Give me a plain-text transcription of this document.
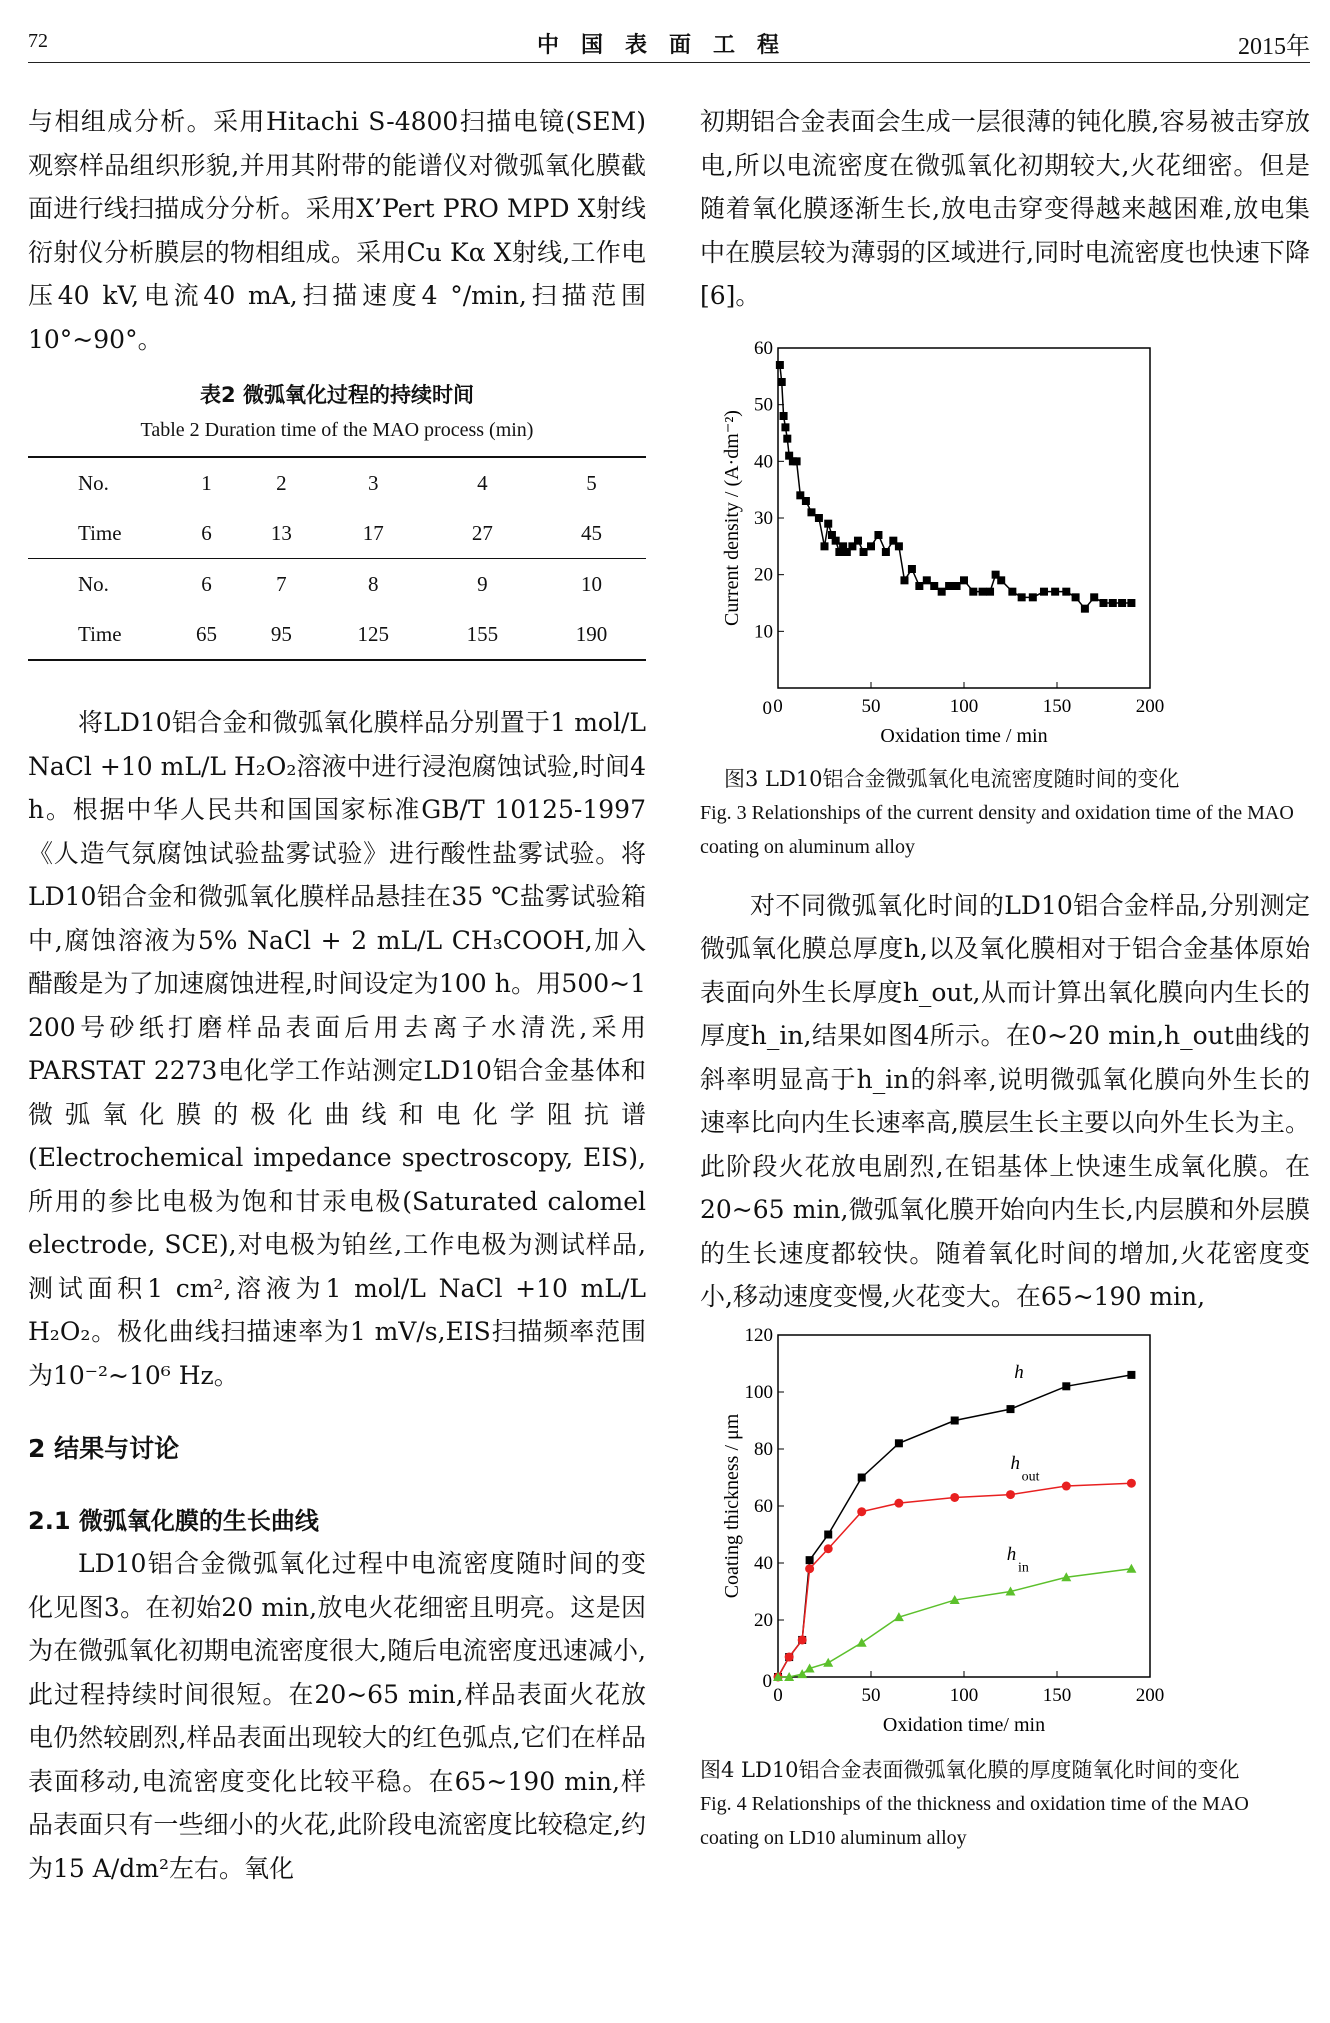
72	中国表面工程	2015年

与相组成分析。采用Hitachi S-4800扫描电镜(SEM)观察样品组织形貌,并用其附带的能谱仪对微弧氧化膜截面进行线扫描成分分析。采用X’Pert PRO MPD X射线衍射仪分析膜层的物相组成。采用Cu Kα X射线,工作电压40 kV,电流40 mA,扫描速度4 °/min,扫描范围10°~90°。

表2 微弧氧化过程的持续时间
Table 2 Duration time of the MAO process (min)
No.	1	2	3	4	5
Time	6	13	17	27	45
No.	6	7	8	9	10
Time	65	95	125	155	190

将LD10铝合金和微弧氧化膜样品分别置于1 mol/L NaCl +10 mL/L H₂O₂溶液中进行浸泡腐蚀试验,时间4 h。根据中华人民共和国国家标准GB/T 10125-1997《人造气氛腐蚀试验盐雾试验》进行酸性盐雾试验。将LD10铝合金和微弧氧化膜样品悬挂在35 ℃盐雾试验箱中,腐蚀溶液为5% NaCl + 2 mL/L CH₃COOH,加入醋酸是为了加速腐蚀进程,时间设定为100 h。用500~1 200号砂纸打磨样品表面后用去离子水清洗,采用PARSTAT 2273电化学工作站测定LD10铝合金基体和微弧氧化膜的极化曲线和电化学阻抗谱(Electrochemical impedance spectroscopy, EIS),所用的参比电极为饱和甘汞电极(Saturated calomel electrode, SCE),对电极为铂丝,工作电极为测试样品,测试面积1 cm²,溶液为1 mol/L NaCl +10 mL/L H₂O₂。极化曲线扫描速率为1 mV/s,EIS扫描频率范围为10⁻²~10⁶ Hz。

2 结果与讨论
2.1 微弧氧化膜的生长曲线

LD10铝合金微弧氧化过程中电流密度随时间的变化见图3。在初始20 min,放电火花细密且明亮。这是因为在微弧氧化初期电流密度很大,随后电流密度迅速减小,此过程持续时间很短。在20~65 min,样品表面火花放电仍然较剧烈,样品表面出现较大的红色弧点,它们在样品表面移动,电流密度变化比较平稳。在65~190 min,样品表面只有一些细小的火花,此阶段电流密度比较稳定,约为15 A/dm²左右。氧化

初期铝合金表面会生成一层很薄的钝化膜,容易被击穿放电,所以电流密度在微弧氧化初期较大,火花细密。但是随着氧化膜逐渐生长,放电击穿变得越来越困难,放电集中在膜层较为薄弱的区域进行,同时电流密度也快速下降[6]。

0	50	100	150	200
10
20
30
40
50
60
Oxidation time / min
Current density / (A·dm⁻²)
0

图3 LD10铝合金微弧氧化电流密度随时间的变化

Fig. 3 Relationships of the current density and oxidation time of the MAO coating on aluminum alloy

对不同微弧氧化时间的LD10铝合金样品,分别测定微弧氧化膜总厚度h,以及氧化膜相对于铝合金基体原始表面向外生长厚度h_out,从而计算出氧化膜向内生长的厚度h_in,结果如图4所示。在0~20 min,h_out曲线的斜率明显高于h_in的斜率,说明微弧氧化膜向外生长的速率比向内生长速率高,膜层生长主要以向外生长为主。此阶段火花放电剧烈,在铝基体上快速生成氧化膜。在20~65 min,微弧氧化膜开始向内生长,内层膜和外层膜的生长速度都较快。随着氧化时间的增加,火花密度变小,移动速度变慢,火花变大。在65~190 min,

0	50	100	150	200
20
40
60
80
100
120
Oxidation time/ min
Coating thickness / μm
0
h
h
out
h
in

图4 LD10铝合金表面微弧氧化膜的厚度随氧化时间的变化

Fig. 4 Relationships of the thickness and oxidation time of the MAO coating on LD10 aluminum alloy
